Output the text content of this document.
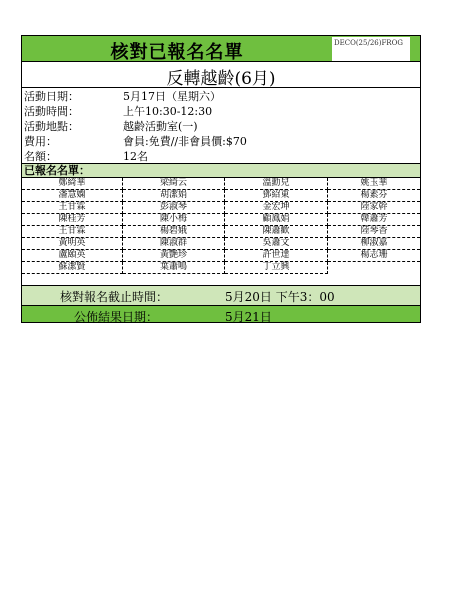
核對已報名名單	DECO(25/26)FROG
反轉越齡(6月)
活動日期：	5月17日（星期六）
活動時間：	上午10:30-12:30
活動地點：	越齡活動室(一)
費用：	會員:免費//非會員價:$70
名額：	12名
已報名名單：
鄭綺華	梁綺云	溫勳兒	姚玉華
潘慧嫻	胡潔娟	鄧紹東	楊素芬
王甘霖	彭淑琴	金宏坤	陸家幹
陳桂芳	陳小梅	顧鳳娟	韓蕭芳
王甘霖	楊碧娥	陳蕭歡	陸琴香
黃明英	陳淑群	吳蕭文	柳淑嘉
盧頤英	黃艷珍	許世達	楊志珊
蘇潔賢	葉蕭鳴	丁立興	
核對報名截止時間：	5月20日 下午3：00
公佈結果日期：	5月21日
